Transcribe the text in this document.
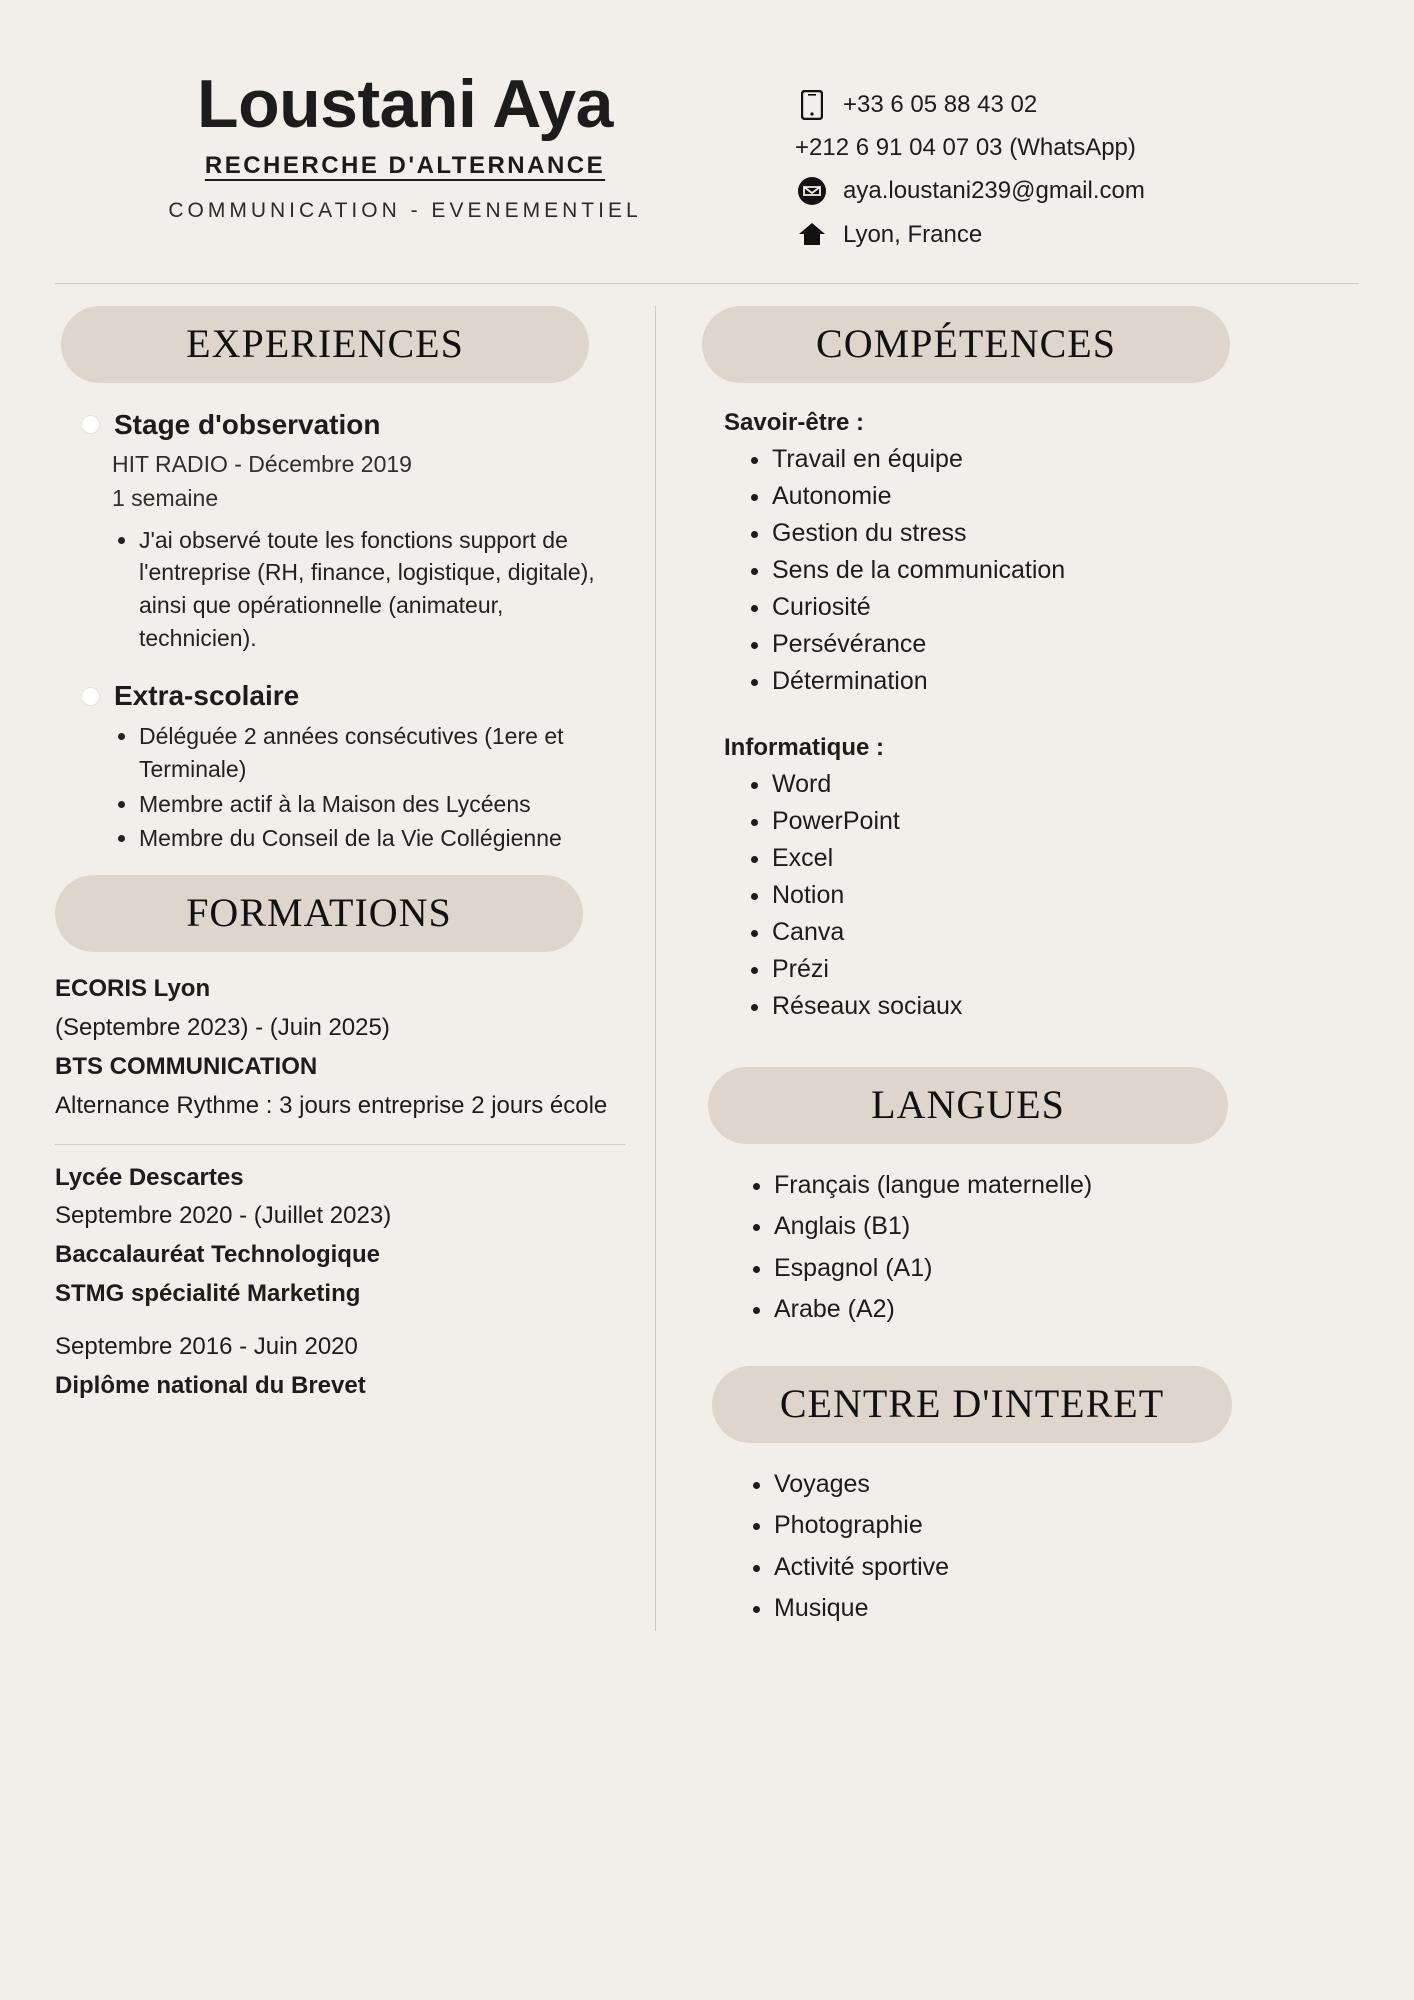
Loustani Aya
RECHERCHE D'ALTERNANCE
COMMUNICATION - EVENEMENTIEL
+33 6 05 88 43 02
+212 6 91 04 07 03 (WhatsApp)
aya.loustani239@gmail.com
Lyon, France
EXPERIENCES
Stage d'observation
HIT RADIO - Décembre 2019
1 semaine
• J'ai observé toute les fonctions support de l'entreprise (RH, finance, logistique, digitale), ainsi que opérationnelle (animateur, technicien).
Extra-scolaire
• Déléguée 2 années consécutives (1ere et Terminale)
• Membre actif à la Maison des Lycéens
• Membre du Conseil de la Vie Collégienne
FORMATIONS
ECORIS Lyon
(Septembre 2023) - (Juin 2025)
BTS COMMUNICATION
Alternance Rythme : 3 jours entreprise 2 jours école
Lycée Descartes
Septembre 2020 - (Juillet 2023)
Baccalauréat Technologique
STMG spécialité Marketing
Septembre 2016 - Juin 2020
Diplôme national du Brevet
COMPÉTENCES
Savoir-être :
• Travail en équipe
• Autonomie
• Gestion du stress
• Sens de la communication
• Curiosité
• Persévérance
• Détermination
Informatique :
• Word
• PowerPoint
• Excel
• Notion
• Canva
• Prézi
• Réseaux sociaux
LANGUES
• Français (langue maternelle)
• Anglais (B1)
• Espagnol (A1)
• Arabe (A2)
CENTRE D'INTERET
• Voyages
• Photographie
• Activité sportive
• Musique
